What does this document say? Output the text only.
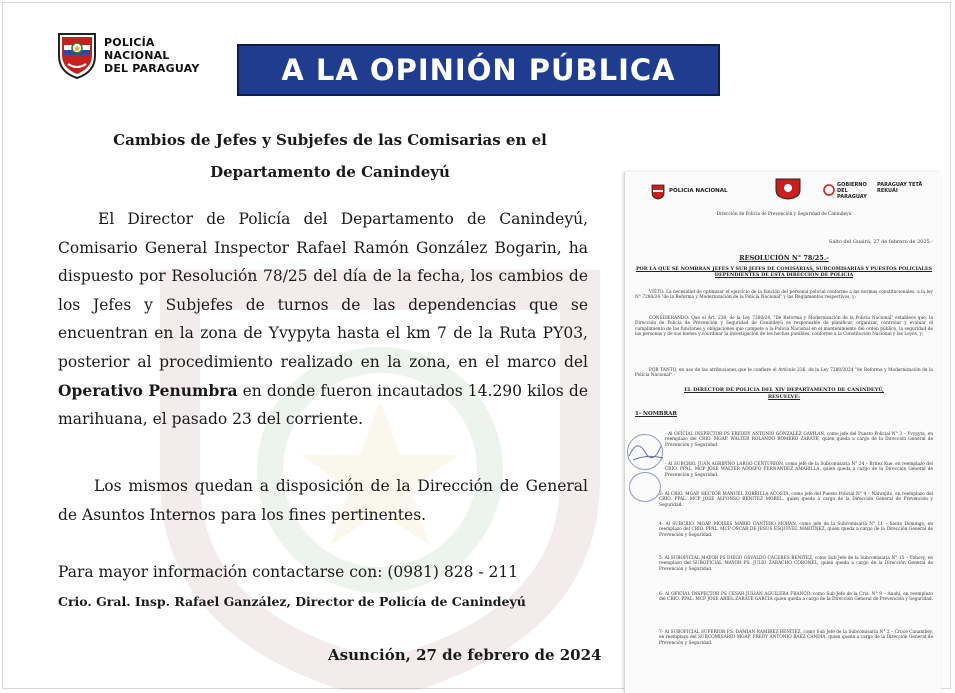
POLICÍA
NACIONAL
DEL PARAGUAY	A LA OPINIÓN PÚBLICA
Cambios de Jefes y Subjefes de las Comisarias en el
Departamento de Canindeyú
El Director de Policía del Departamento de Canindeyú, Comisario General Inspector Rafael Ramón González Bogarin, ha dispuesto por Resolución 78/25 del día de la fecha, los cambios de los Jefes y Subjefes de turnos de las dependencias que se encuentran en la zona de Yvypyta hasta el km 7 de la Ruta PY03, posterior al procedimiento realizado en la zona, en el marco del Operativo Penumbra en donde fueron incautados 14.290 kilos de marihuana, el pasado 23 del corriente.
Los mismos quedan a disposición de la Dirección de General de Asuntos Internos para los fines pertinentes.
Para mayor información contactarse con: (0981) 828 - 211
Crio. Gral. Insp. Rafael Ganzález, Director de Policía de Canindeyú
Asunción, 27 de febrero de 2024
POLICIA NACIONAL
GOBIERNO DEL PARAGUAY
PARAGUAY TETÃ REKUÁI
Dirección de Policía de Prevención y Seguridad de Canindeyú
Salto del Guairá, 27 de febrero de 2025.-
RESOLUCIÓN N° 78/25.-
POR LA QUE SE NOMBRAN JEFES Y SUB JEFES DE COMISARIAS, SUBCOMISARIAS Y PUESTOS POLICIALES DEPENDIENTES DE ESTA DIRECCIÓN DE POLICIA
VISTO: La necesidad de optimizar el ejercicio de la función del personal policial conforme a las normas constitucionales, a la ley N° 7280/24 "de la Reforma y Modernización de la Policía Nacional" y las Reglamentos respectivos, y;
CONSIDERANDO: Que el Art. 236, de la Ley 7280/24, "De Reforma y Modernización de la Policía Nacional" establece que, la Dirección de Policía de Prevención y Seguridad de Canindeyú es responsable de planificar, organizar, controlar y evaluar el cumplimiento de las funciones y obligaciones que compete a la Policía Nacional en el mantenimiento del orden público, la seguridad de las personas y de sus bienes y coordinar la investigación de los hechos punibles, conforme a la Constitución Nacional y las Leyes, y;
POR TANTO, en uso de las atribuciones que le confiere el Artículo 236, de la Ley 7280/2024 "de Reforma y Modernización de la Policía Nacional".-
EL DIRECTOR DE POLICIA DEL XIV DEPARTAMENTO DE CANINDEYÚ,
RESUELVE:
1- NOMBRAR
- Al OFICIAL INSPECTOR PS FREDDY ANTONIO GONZALEZ GAVILAN, como jefe del Puesto Policial N° 3 – Yvypyta, en reemplazo del CRIO. MGAP. WALTER ROLANDO ROMERO ZARATE, quien queda a cargo de la Dirección General de Prevención y Seguridad.
- Al SUBCRIO. JUAN AGRIPINO LARGO CENTURION, como jefe de la Subcomisaría N° 24 – Britez Kue, en reemplazo del CRIO. PPAL. MCP JOSE WALTER ADOLFO FERNANDEZ AMARILLA, quien queda a cargo de la Dirección General de Prevención y Seguridad.
3- Al CRIO. MGAP. HECTOR MANUEL ZORRILLA ACOSTA, como jefe del Puesto Policial N° 4 – Naranjito, en reemplazo del CRIO. PPAL. MCP JOSE ALFONSO BENITEZ MOREL, quien queda a cargo de la Dirección General de Prevención y Seguridad.
4- Al SUBCRIO. MGAP. MOISES MARIO CANTERO MORAN, como jefe de la Subcomisaría N° 11 – Santo Domingo, en reemplazo del CRIO. PPAL. MCP OSCAR DE JESUS ESQUIVEL MARTINEZ, quien queda a cargo de la Dirección General de Prevención y Seguridad.
5- Al SUBOFICIAL MAYOR PS DIEGO OSVALDO CACERES BENITEZ, como Sub Jefe de la Subcomisaría N° 15 – Ybhovy, en reemplazo del SUBOFICIAL MAYOR PS. JULIO ZARACHO CORONEL, quien queda a cargo de la Dirección General de Prevención y Seguridad.
6- Al OFICIAL INSPECTOR PS CESAR JULIAN AGUILERA FRANCO, como Sub Jefe de la Cria. N° 9 – Anahi, en reemplazo del CRIO. PPAL. MCP JOSE ABIEL ZARATE GARCIA quien queda a cargo de la Dirección General de Prevención y Seguridad.
7- Al SUBOFICIAL SUPERIOR P.S. DAMIAN RAMIREZ BENITEZ, como Sub Jefe de la Subcomisaría N° 2 – Cruce Canambey, en reemplazo del SUBCOMISARIO MGAP. FREDY ANTONIO BAEZ CANDIA, quien queda a cargo de la Dirección General de Prevención y Seguridad.
